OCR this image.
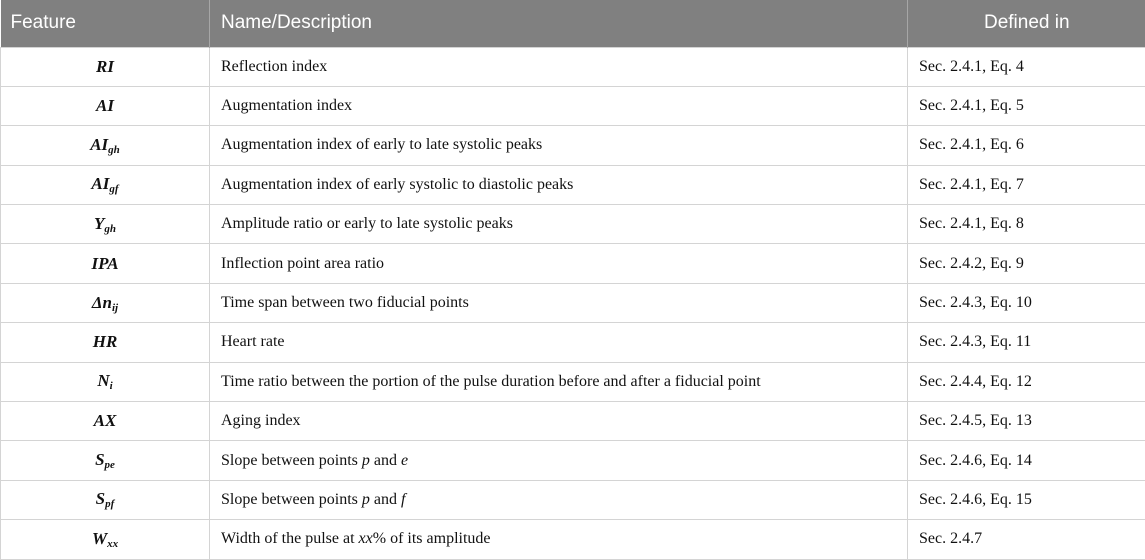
Feature	Name/Description	Defined in
RI	Reflection index	Sec. 2.4.1, Eq. 4
AI	Augmentation index	Sec. 2.4.1, Eq. 5
$AI_{gh}$	Augmentation index of early to late systolic peaks	Sec. 2.4.1, Eq. 6
$AI_{gf}$	Augmentation index of early systolic to diastolic peaks	Sec. 2.4.1, Eq. 7
$Y_{gh}$	Amplitude ratio or early to late systolic peaks	Sec. 2.4.1, Eq. 8
IPA	Inflection point area ratio	Sec. 2.4.2, Eq. 9
$\Delta n_{ij}$	Time span between two fiducial points	Sec. 2.4.3, Eq. 10
HR	Heart rate	Sec. 2.4.3, Eq. 11
$N_i$	Time ratio between the portion of the pulse duration before and after a fiducial point	Sec. 2.4.4, Eq. 12
AX	Aging index	Sec. 2.4.5, Eq. 13
$S_{pe}$	Slope between points p and e	Sec. 2.4.6, Eq. 14
$S_{pf}$	Slope between points p and f	Sec. 2.4.6, Eq. 15
$W_{xx}$	Width of the pulse at xx% of its amplitude	Sec. 2.4.7
